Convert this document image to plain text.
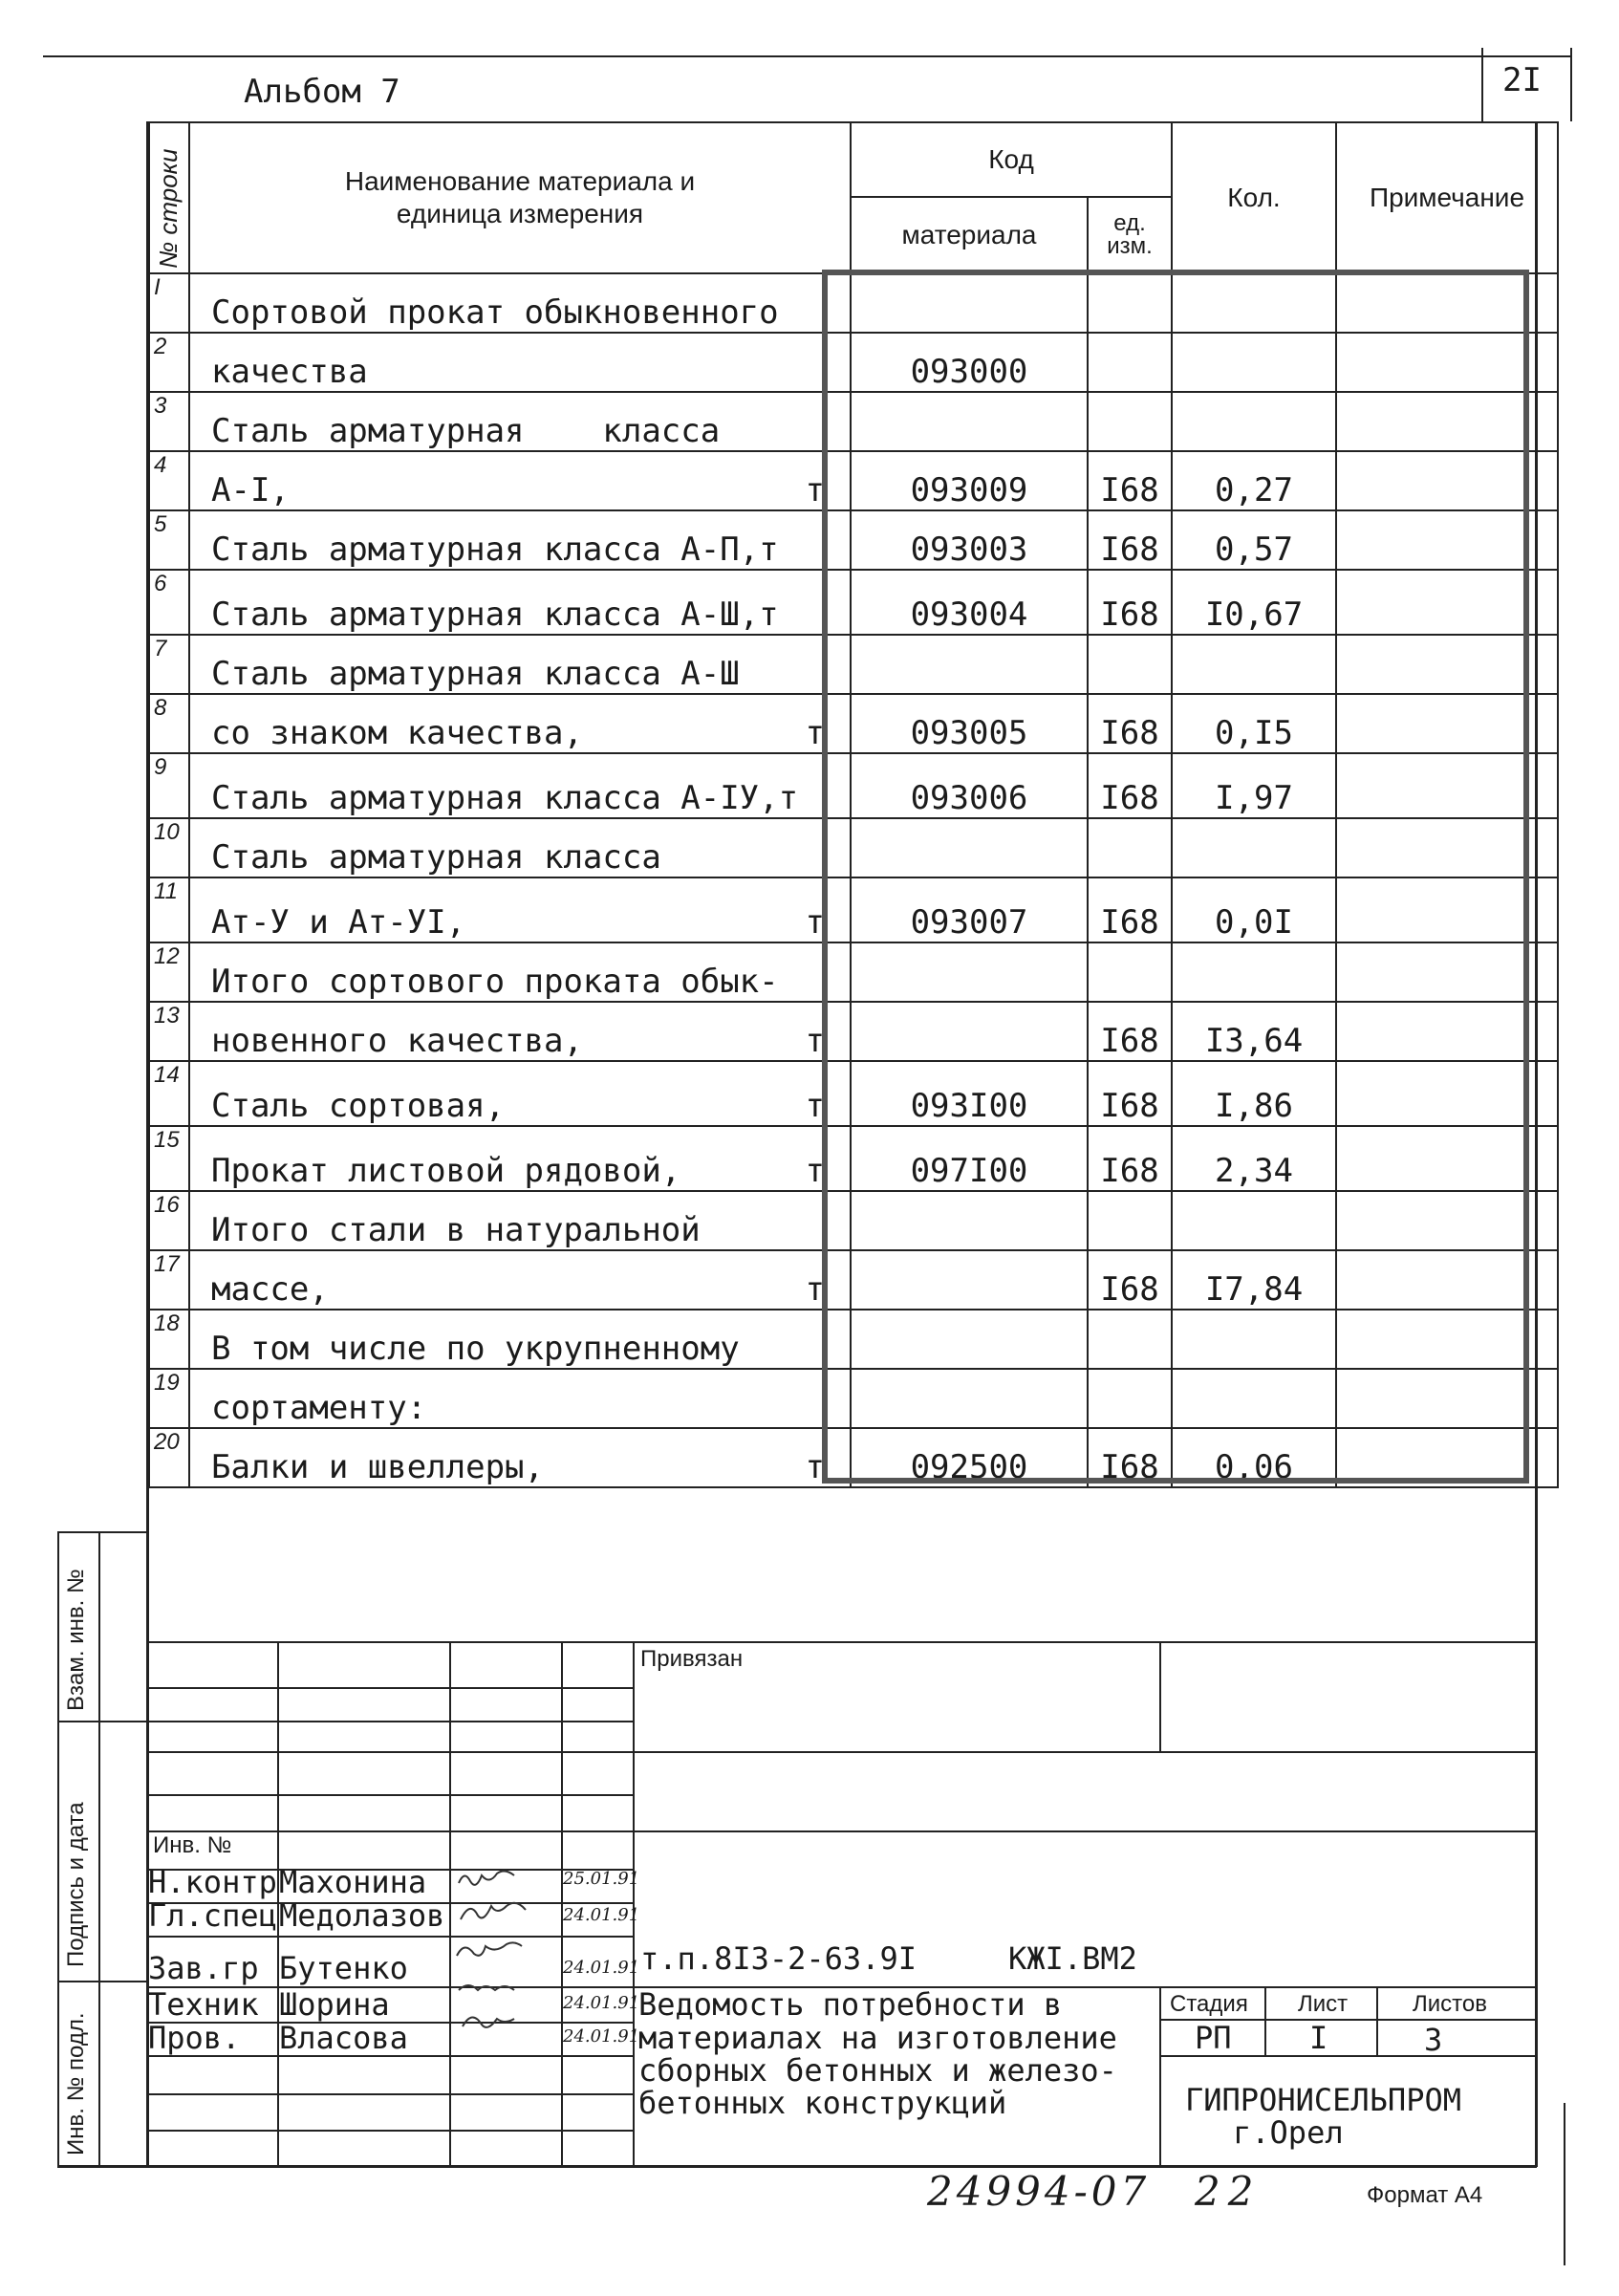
Альбом 7	2I
№ строки	Наименование материала и единица измерения	Код		Кол.	Примечание
		материала	ед. изм.		
I	Сортовой прокат обыкновенного				

2	качества	093000			
3	Сталь арматурная    класса				

4	А-I, т	093009	I68	0,27	
5	Сталь арматурная класса А-П,т	093003	I68	0,57	
6	Сталь арматурная класса А-Ш,т	093004	I68	I0,67	
7	Сталь арматурная класса А-Ш				

8	со знаком качества, т	093005	I68	0,I5	
9	Сталь арматурная класса А-IУ,т	093006	I68	I,97	
10	Сталь арматурная класса				

11	Ат-У и Ат-УI, т	093007	I68	0,0I	
12	Итого сортового проката обык-				

13	новенного качества, т		I68	I3,64	
14	Сталь сортовая, т	093I00	I68	I,86	
15	Прокат листовой рядовой, т	097I00	I68	2,34	
16	Итого стали в натуральной				

17	массе, т		I68	I7,84	
18	В том числе по укрупненному				

19	сортаменту:				

20	Балки и швеллеры, т	092500	I68	0,06	
Взам. инв. №
Подпись и дата
Инв. № подл.
Привязан
Инв. №
т.п.8I3-2-63.9I	КЖI.ВМ2
Н.контр Махонина	25.01.91
Гл.спец Медолазов	24.01.91
Зав.гр Бутенко	24.01.91
Техник Шорина	24.01.91
Пров. Власова	24.01.91
Ведомость потребности в
материалах на изготовление
сборных бетонных и железо-
бетонных конструкций
Стадия Лист	Листов
РП	I	3
ГИПРОНИСЕЛЬПРОМ
г.Орел
24994-07 22	Формат А4
